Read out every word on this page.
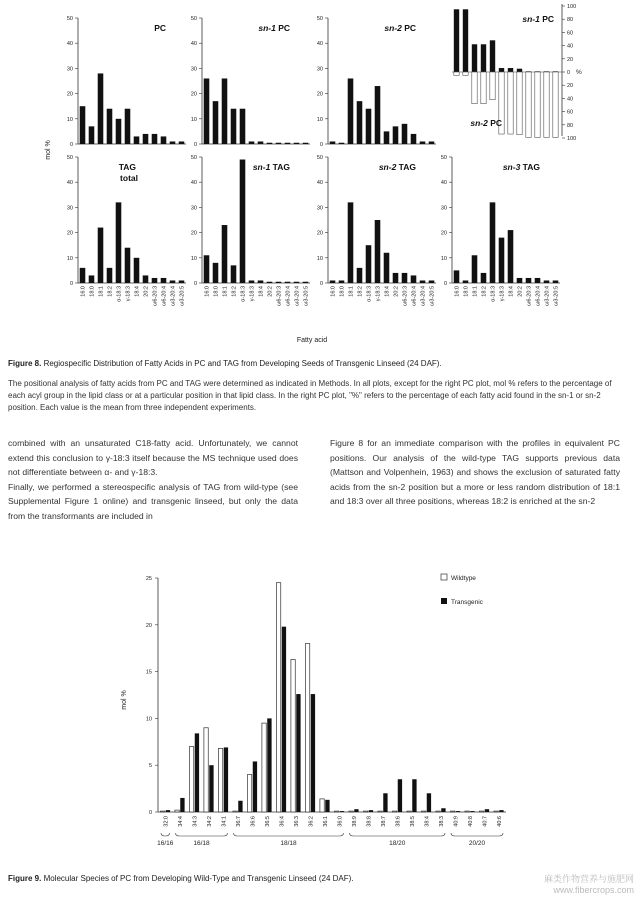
0
10
20
30
40
50
PC
0
10
20
30
40
50
sn-1 PC
0
10
20
30
40
50
sn-2 PC
0
10
20
30
40
50
16:0 18:0 18:1 18:2 α-18:3 γ-18:3 18:4 20:2 ω6-20:3 ω6-20:4 ω3-20:4 ω3-20:5
TAG
total
0
10
20
30
40
50
16:0 18:0 18:1 18:2 α-18:3 γ-18:3 18:4 20:2 ω6-20:3 ω6-20:4 ω3-20:4 ω3-20:5
sn-1 TAG
0
10
20
30
40
50
16:0 18:0 18:1 18:2 α-18:3 γ-18:3 18:4 20:2 ω6-20:3 ω6-20:4 ω3-20:4 ω3-20:5
sn-2 TAG
0
10
20
30
40
50
16:0 18:0 18:1 18:2 α-18:3 γ-18:3 18:4 20:2 ω6-20:3 ω6-20:4 ω3-20:4 ω3-20:5
sn-3 TAG
100
80
60
40
20
0
20
40
60
80
100
%
sn-1 PC
sn-2 PC
mol %
Fatty acid
Figure 8. Regiospecific Distribution of Fatty Acids in PC and TAG from Developing Seeds of Transgenic Linseed (24 DAF).
The positional analysis of fatty acids from PC and TAG were determined as indicated in Methods. In all plots, except for the right PC plot, mol % refers to the percentage of each acyl group in the lipid class or at a particular position in that lipid class. In the right PC plot, "%" refers to the percentage of each fatty acid found in the sn-1 or sn-2 position. Each value is the mean from three independent experiments.
combined with an unsaturated C18-fatty acid. Unfortunately, we cannot extend this conclusion to γ-18:3 itself because the MS technique used does not differentiate between α- and γ-18:3.
Finally, we performed a stereospecific analysis of TAG from wild-type (see Supplemental Figure 1 online) and transgenic linseed, but only the data from the transformants are included in
Figure 8 for an immediate comparison with the profiles in equivalent PC positions. Our analysis of the wild-type TAG supports previous data (Mattson and Volpenhein, 1963) and shows the exclusion of saturated fatty acids from the sn-2 position but a more or less random distribution of 18:1 and 18:3 over all three positions, whereas 18:2 is enriched at the sn-2
0
5
10
15
20
25
mol %
32:0 34:4 34:3 34:2 34:1 36:7 36:6 36:5 36:4 36:3 36:2 36:1 36:0 38:9 38:8 38:7 38:6 38:5 38:4 38:3 40:9 40:8 40:7 40:6
16/16	16/18	18/18	18/20	20/20
Wildtype
Transgenic
Figure 9. Molecular Species of PC from Developing Wild-Type and Transgenic Linseed (24 DAF).	麻类作物营养与施肥网
www.fibercrops.com
